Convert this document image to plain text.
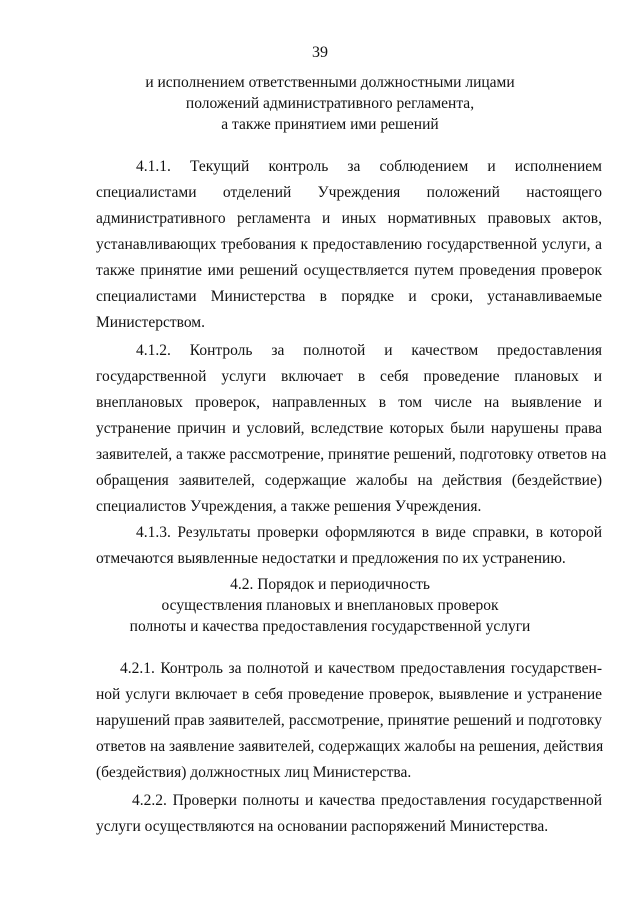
39
и исполнением ответственными должностными лицами
положений административного регламента,
а также принятием ими решений
4.1.1. Текущий контроль за соблюдением и исполнением
специалистами отделений Учреждения положений настоящего
административного регламента и иных нормативных правовых актов,
устанавливающих требования к предоставлению государственной услуги, а
также принятие ими решений осуществляется путем проведения проверок
специалистами Министерства в порядке и сроки, устанавливаемые
Министерством.
4.1.2. Контроль за полнотой и качеством предоставления
государственной услуги включает в себя проведение плановых и
внеплановых проверок, направленных в том числе на выявление и
устранение причин и условий, вследствие которых были нарушены права
заявителей, а также рассмотрение, принятие решений, подготовку ответов на
обращения заявителей, содержащие жалобы на действия (бездействие)
специалистов Учреждения, а также решения Учреждения.
4.1.3. Результаты проверки оформляются в виде справки, в которой
отмечаются выявленные недостатки и предложения по их устранению.
4.2. Порядок и периодичность
осуществления плановых и внеплановых проверок
полноты и качества предоставления государственной услуги
4.2.1. Контроль за полнотой и качеством предоставления государствен-
ной услуги включает в себя проведение проверок, выявление и устранение
нарушений прав заявителей, рассмотрение, принятие решений и подготовку
ответов на заявление заявителей, содержащих жалобы на решения, действия
(бездействия) должностных лиц Министерства.
4.2.2. Проверки полноты и качества предоставления государственной
услуги осуществляются на основании распоряжений Министерства.
